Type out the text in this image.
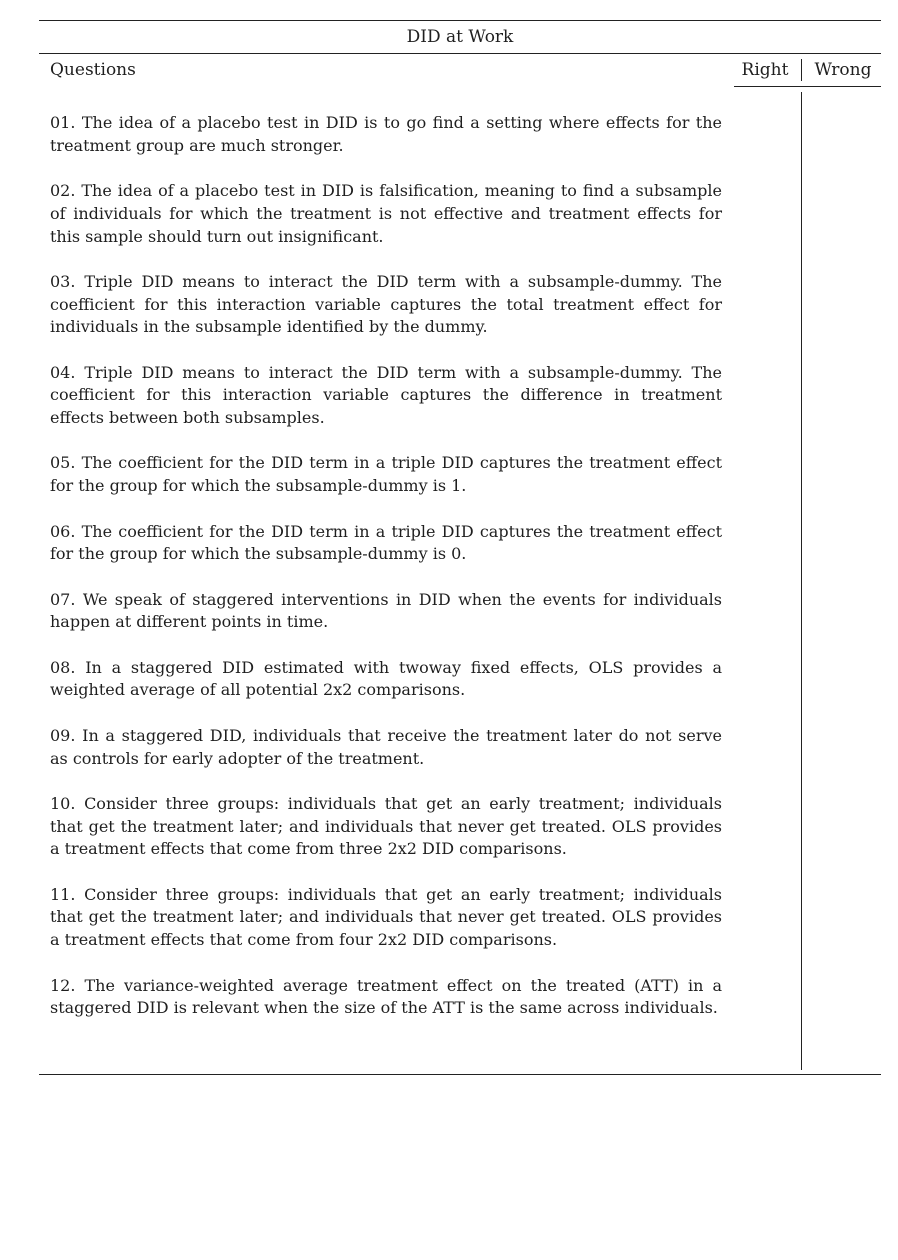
DID at Work
Questions	Right	Wrong
01. The idea of a placebo test in DID is to go find a setting where effects for the treatment group are much stronger.
02. The idea of a placebo test in DID is falsification, meaning to find a subsample of individuals for which the treatment is not effective and treatment effects for this sample should turn out insignificant.
03. Triple DID means to interact the DID term with a subsample-dummy. The coefficient for this interaction variable captures the total treatment effect for individuals in the subsample identified by the dummy.
04. Triple DID means to interact the DID term with a subsample-dummy. The coefficient for this interaction variable captures the difference in treatment effects between both subsamples.
05. The coefficient for the DID term in a triple DID captures the treatment effect for the group for which the subsample-dummy is 1.
06. The coefficient for the DID term in a triple DID captures the treatment effect for the group for which the subsample-dummy is 0.
07. We speak of staggered interventions in DID when the events for individuals happen at different points in time.
08. In a staggered DID estimated with twoway fixed effects, OLS provides a weighted average of all potential 2x2 comparisons.
09. In a staggered DID, individuals that receive the treatment later do not serve as controls for early adopter of the treatment.
10. Consider three groups: individuals that get an early treatment; individuals that get the treatment later; and individuals that never get treated. OLS provides a treatment effects that come from three 2x2 DID comparisons.
11. Consider three groups: individuals that get an early treatment; individuals that get the treatment later; and individuals that never get treated. OLS provides a treatment effects that come from four 2x2 DID comparisons.
12. The variance-weighted average treatment effect on the treated (ATT) in a staggered DID is relevant when the size of the ATT is the same across individuals.
